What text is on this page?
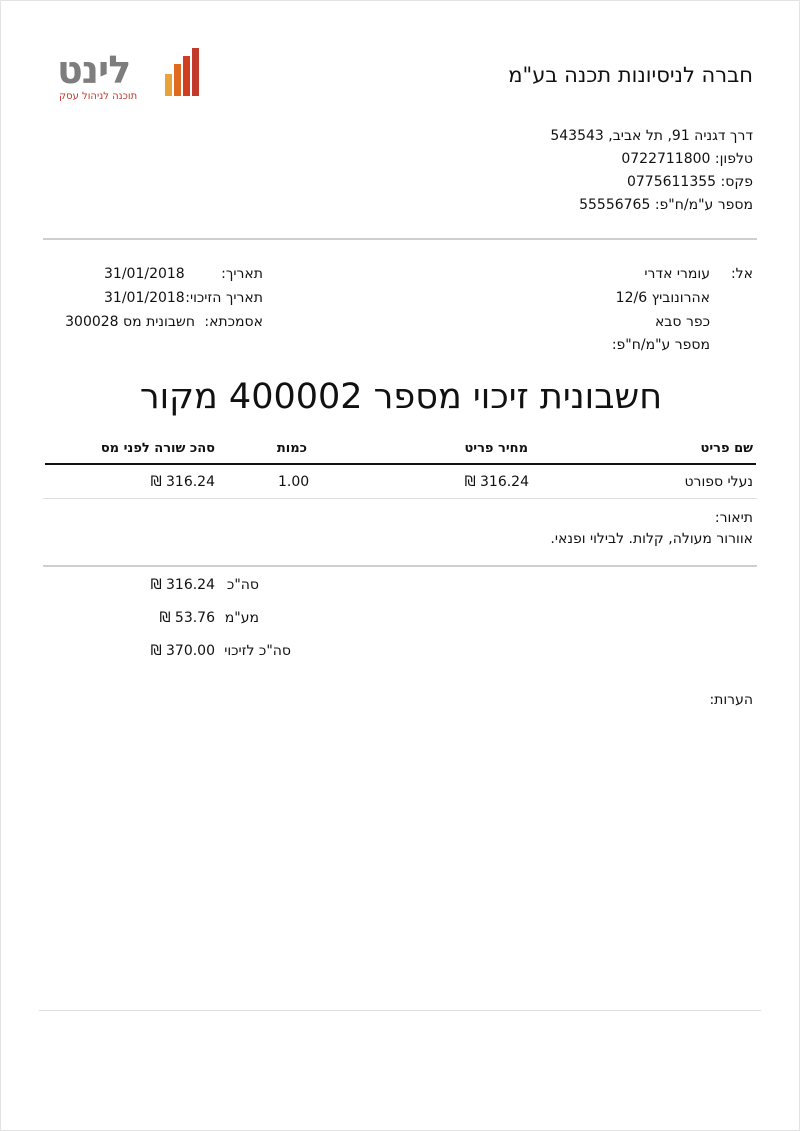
לינט
תוכנה לניהול עסק
חברה לניסיונות תכנה בע"מ
דרך דגניה 91, תל אביב, 543543
טלפון: 0722711800
פקס: 0775611355
מספר ע"מ/ח"פ: 55556765
אל:
עומרי אדרי
אהרונוביץ 12/6
כפר סבא
מספר ע"מ/ח"פ:
תאריך:
31/01/2018
תאריך הזיכוי:
31/01/2018
אסמכתא:
חשבונית מס 300028
חשבונית זיכוי מספר 400002 מקור
שם פריט
מחיר פריט
כמות
סהכ שורה לפני מס
נעלי ספורט
316.24 ₪
1.00
316.24 ₪
תיאור:
אוורור מעולה, קלות. לבילוי ופנאי.
סה"כ
316.24 ₪
מע"מ
53.76 ₪
סה"כ לזיכוי
370.00 ₪
הערות:
